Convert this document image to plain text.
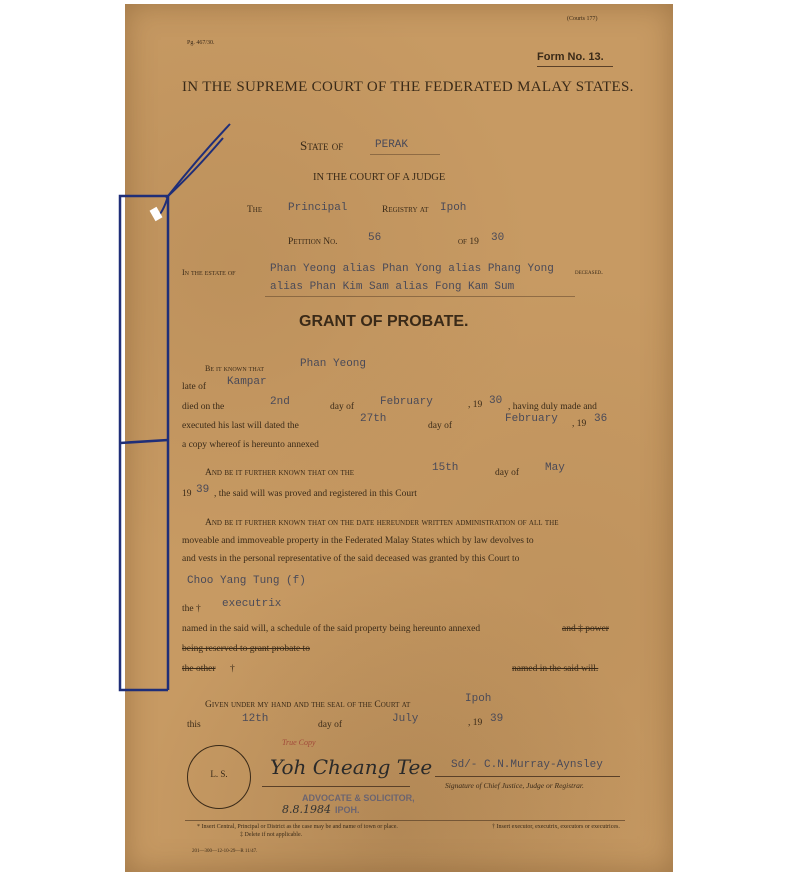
Pg. 467/30.
(Courts 177)
Form No. 13.
IN THE SUPREME COURT OF THE FEDERATED MALAY STATES.
State of	PERAK
IN THE COURT OF A JUDGE
The Principal	Registry at Ipoh
Petition No.	56	of 19 30
In the estate of	Phan Yeong alias Phan Yong alias Phang Yong	deceased.
alias Phan Kim Sam alias Fong Kam Sum
GRANT OF PROBATE.
Be it known that	Phan Yeong
late of Kampar
died on the	2nd	day of February	, 19 30 , having duly made and
executed his last will dated the
27th
day of
February , 19 36
a copy whereof is hereunto annexed
And be it further known that on the	15th	day of May
19 39 , the said will was proved and registered in this Court
And be it further known that on the date hereunder written administration of all the
moveable and immoveable property in the Federated Malay States which by law devolves to
and vests in the personal representative of the said deceased was granted by this Court to
Choo Yang Tung (f)
the † executrix
named in the said will, a schedule of the said property being hereunto annexed	and ‡ power
being reserved to grant probate to
the other †	named in the said will.
Given under my hand and the seal of the Court at	Ipoh
this	12th	day of	July	, 19 39
L. S.
True Copy
Yoh Cheang Tee
ADVOCATE & SOLICITOR,
IPOH.
8.8.1984
Sd/- C.N.Murray-Aynsley
Signature of Chief Justice, Judge or Registrar.
* Insert Central, Principal or District as the case may be and name of town or place.	† Insert executor, executrix, executors or executrices.
‡ Delete if not applicable.
201—300—12-10-29—R 11/47.
